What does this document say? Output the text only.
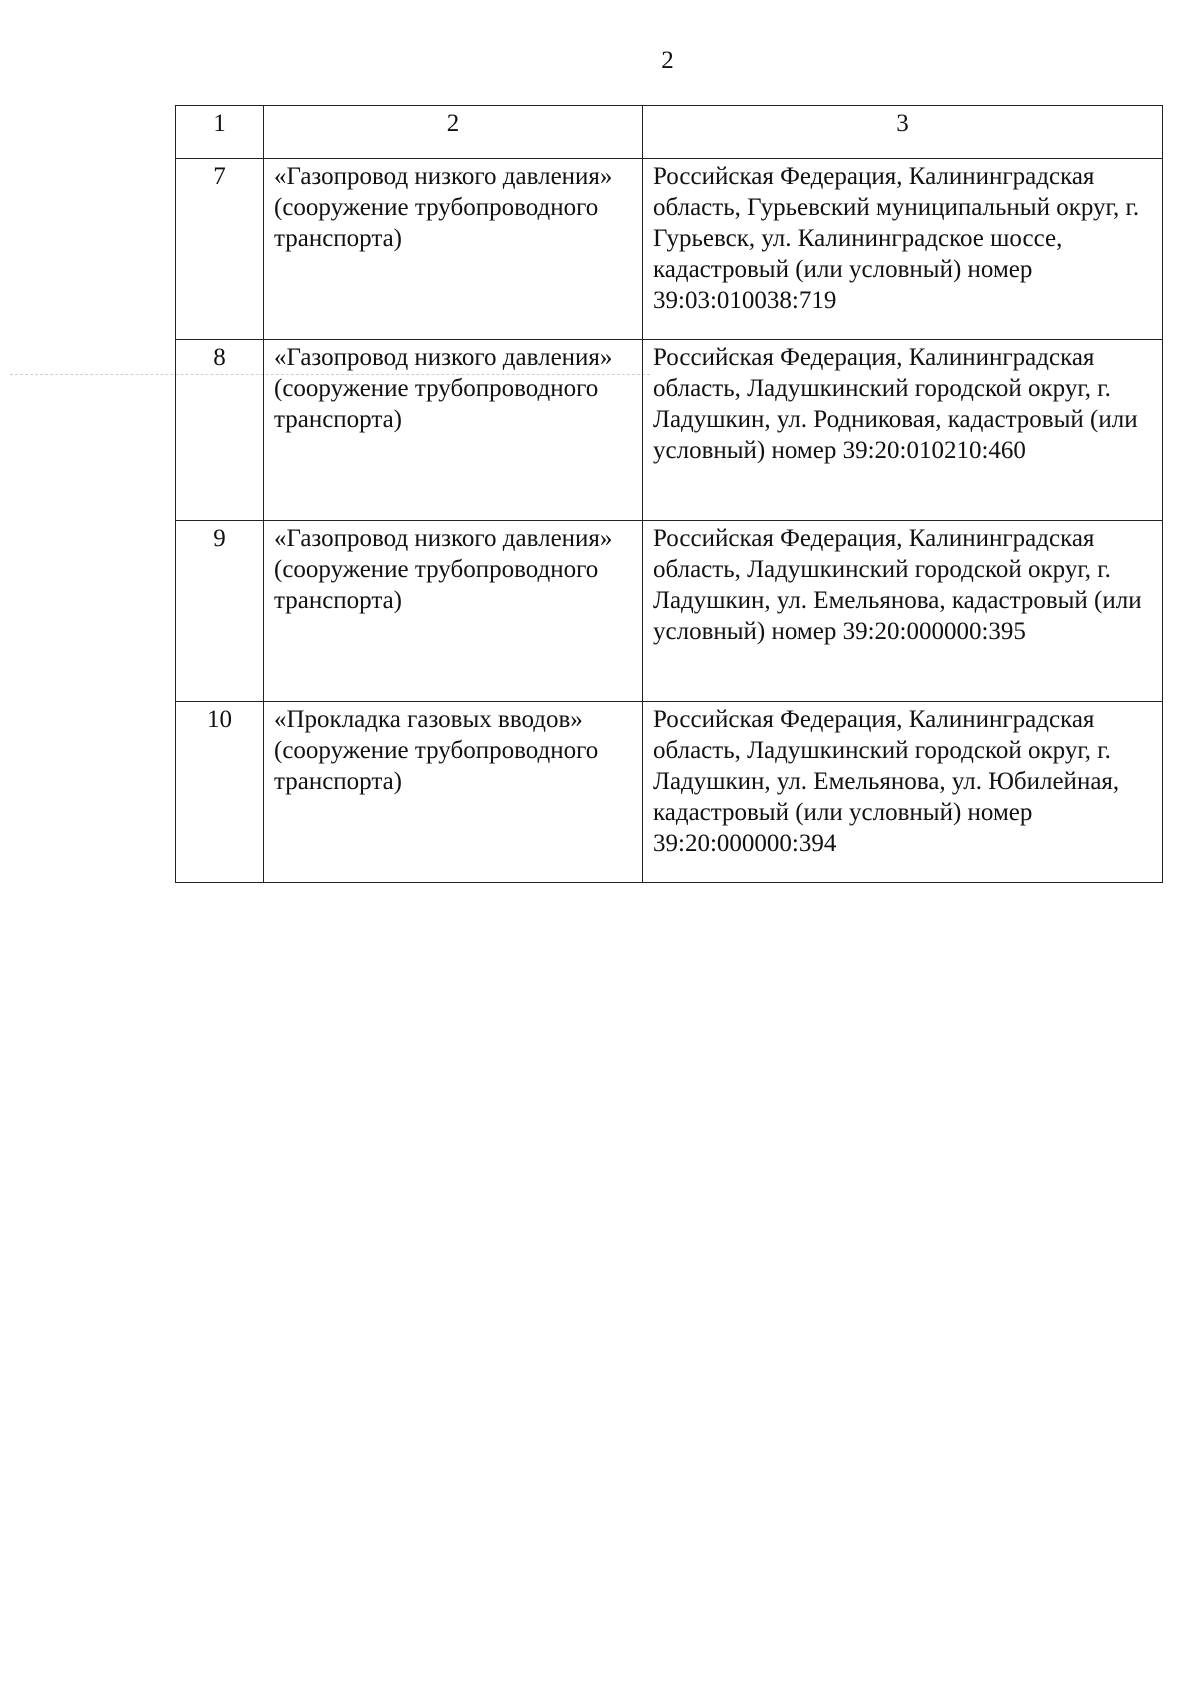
2
1	2	3
7	«Газопровод низкого давления» (сооружение трубопроводного транспорта)	Российская Федерация, Калининградская область, Гурьевский муниципальный округ, г. Гурьевск, ул. Калининградское шоссе, кадастровый (или условный) номер 39:03:010038:719
8	«Газопровод низкого давления» (сооружение трубопроводного транспорта)	Российская Федерация, Калининградская область, Ладушкинский городской округ, г. Ладушкин, ул. Родниковая, кадастровый (или условный) номер 39:20:010210:460
9	«Газопровод низкого давления» (сооружение трубопроводного транспорта)	Российская Федерация, Калининградская область, Ладушкинский городской округ, г. Ладушкин, ул. Емельянова, кадастровый (или условный) номер 39:20:000000:395
10	«Прокладка газовых вводов» (сооружение трубопроводного транспорта)	Российская Федерация, Калининградская область, Ладушкинский городской округ, г. Ладушкин, ул. Емельянова, ул. Юбилейная, кадастровый (или условный) номер 39:20:000000:394
